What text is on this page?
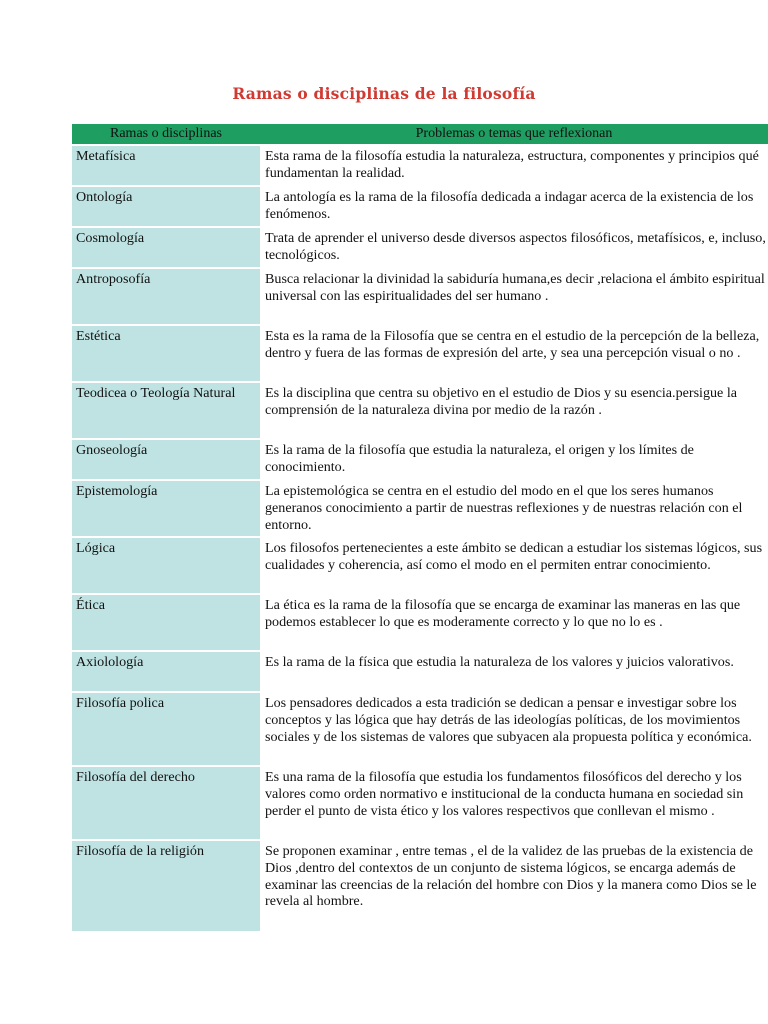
Ramas o disciplinas de la filosofía
Ramas o disciplinas	Problemas o temas que reflexionan
Metafísica	Esta rama de la filosofía estudia la naturaleza, estructura, componentes y principios qué fundamentan la realidad.
Ontología	La antología es la rama de la filosofía dedicada a indagar acerca de la existencia de los fenómenos.
Cosmología	Trata de aprender el universo desde diversos aspectos filosóficos, metafísicos, e, incluso, tecnológicos.
Antroposofía	Busca relacionar la divinidad la sabiduría humana,es decir ,relaciona el ámbito espiritual universal con las espiritualidades del ser humano .
Estética	Esta es la rama de la Filosofía que se centra en el estudio de la percepción de la belleza, dentro y fuera de las formas de expresión del arte, y sea una percepción visual o no .
Teodicea o Teología Natural	Es la disciplina que centra su objetivo en el estudio de Dios y su esencia.persigue la comprensión de la naturaleza divina por medio de la razón .
Gnoseología	Es la rama de la filosofía que estudia la naturaleza, el origen y los límites de conocimiento.
Epistemología	La epistemológica se centra en el estudio del modo en el que los seres humanos generanos conocimiento a partir de nuestras reflexiones y de nuestras relación con el entorno.
Lógica	Los filosofos pertenecientes a este ámbito se dedican a estudiar los sistemas lógicos, sus cualidades y coherencia, así como el modo en el permiten entrar conocimiento.
Ética	La ética es la rama de la filosofía que se encarga de examinar las maneras en las que podemos establecer lo que es moderamente correcto y lo que no lo es .
Axiolología	Es la rama de la física que estudia la naturaleza de los valores y juicios valorativos.
Filosofía polica	Los pensadores dedicados a esta tradición se dedican a pensar e investigar sobre los conceptos y las lógica que hay detrás de las ideologías políticas, de los movimientos sociales y de los sistemas de valores que subyacen ala propuesta política y económica.
Filosofía del derecho	Es una rama de la filosofía que estudia los fundamentos filosóficos del derecho y los valores como orden normativo e institucional de la conducta humana en sociedad sin perder el punto de vista ético y los valores respectivos que conllevan el mismo .
Filosofía de la religión	Se proponen examinar , entre temas , el de la validez de las pruebas de la existencia de Dios ,dentro del contextos de un conjunto de sistema lógicos, se encarga además de examinar las creencias de la relación del hombre con Dios y la manera como Dios se le revela al hombre.
